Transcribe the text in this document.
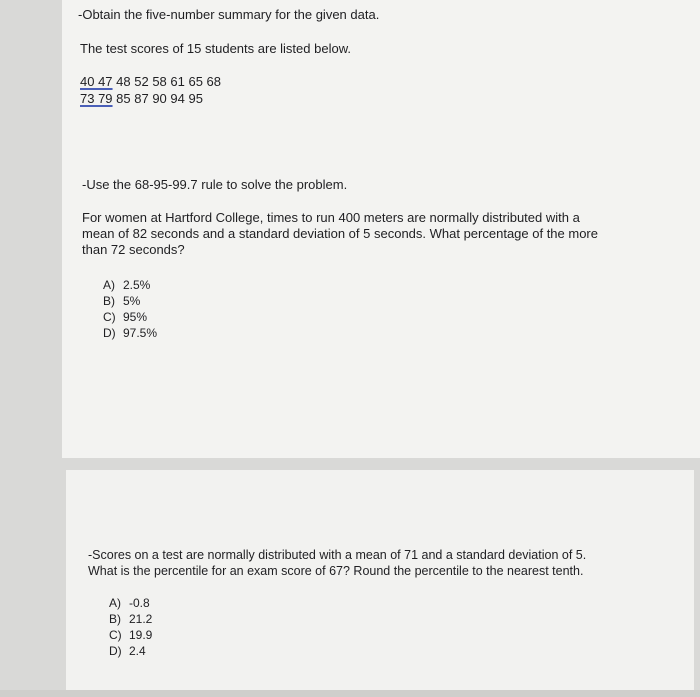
-Obtain the five-number summary for the given data.
The test scores of 15 students are listed below.
40 47 48 52 58 61 65 68
73 79 85 87 90 94 95
-Use the 68-95-99.7 rule to solve the problem.
For women at Hartford College, times to run 400 meters are normally distributed with a mean of 82 seconds and a standard deviation of 5 seconds. What percentage of the more than 72 seconds?
A) 2.5%
B) 5%
C) 95%
D) 97.5%
-Scores on a test are normally distributed with a mean of 71 and a standard deviation of 5.
What is the percentile for an exam score of 67? Round the percentile to the nearest tenth.
A) -0.8
B) 21.2
C) 19.9
D) 2.4
